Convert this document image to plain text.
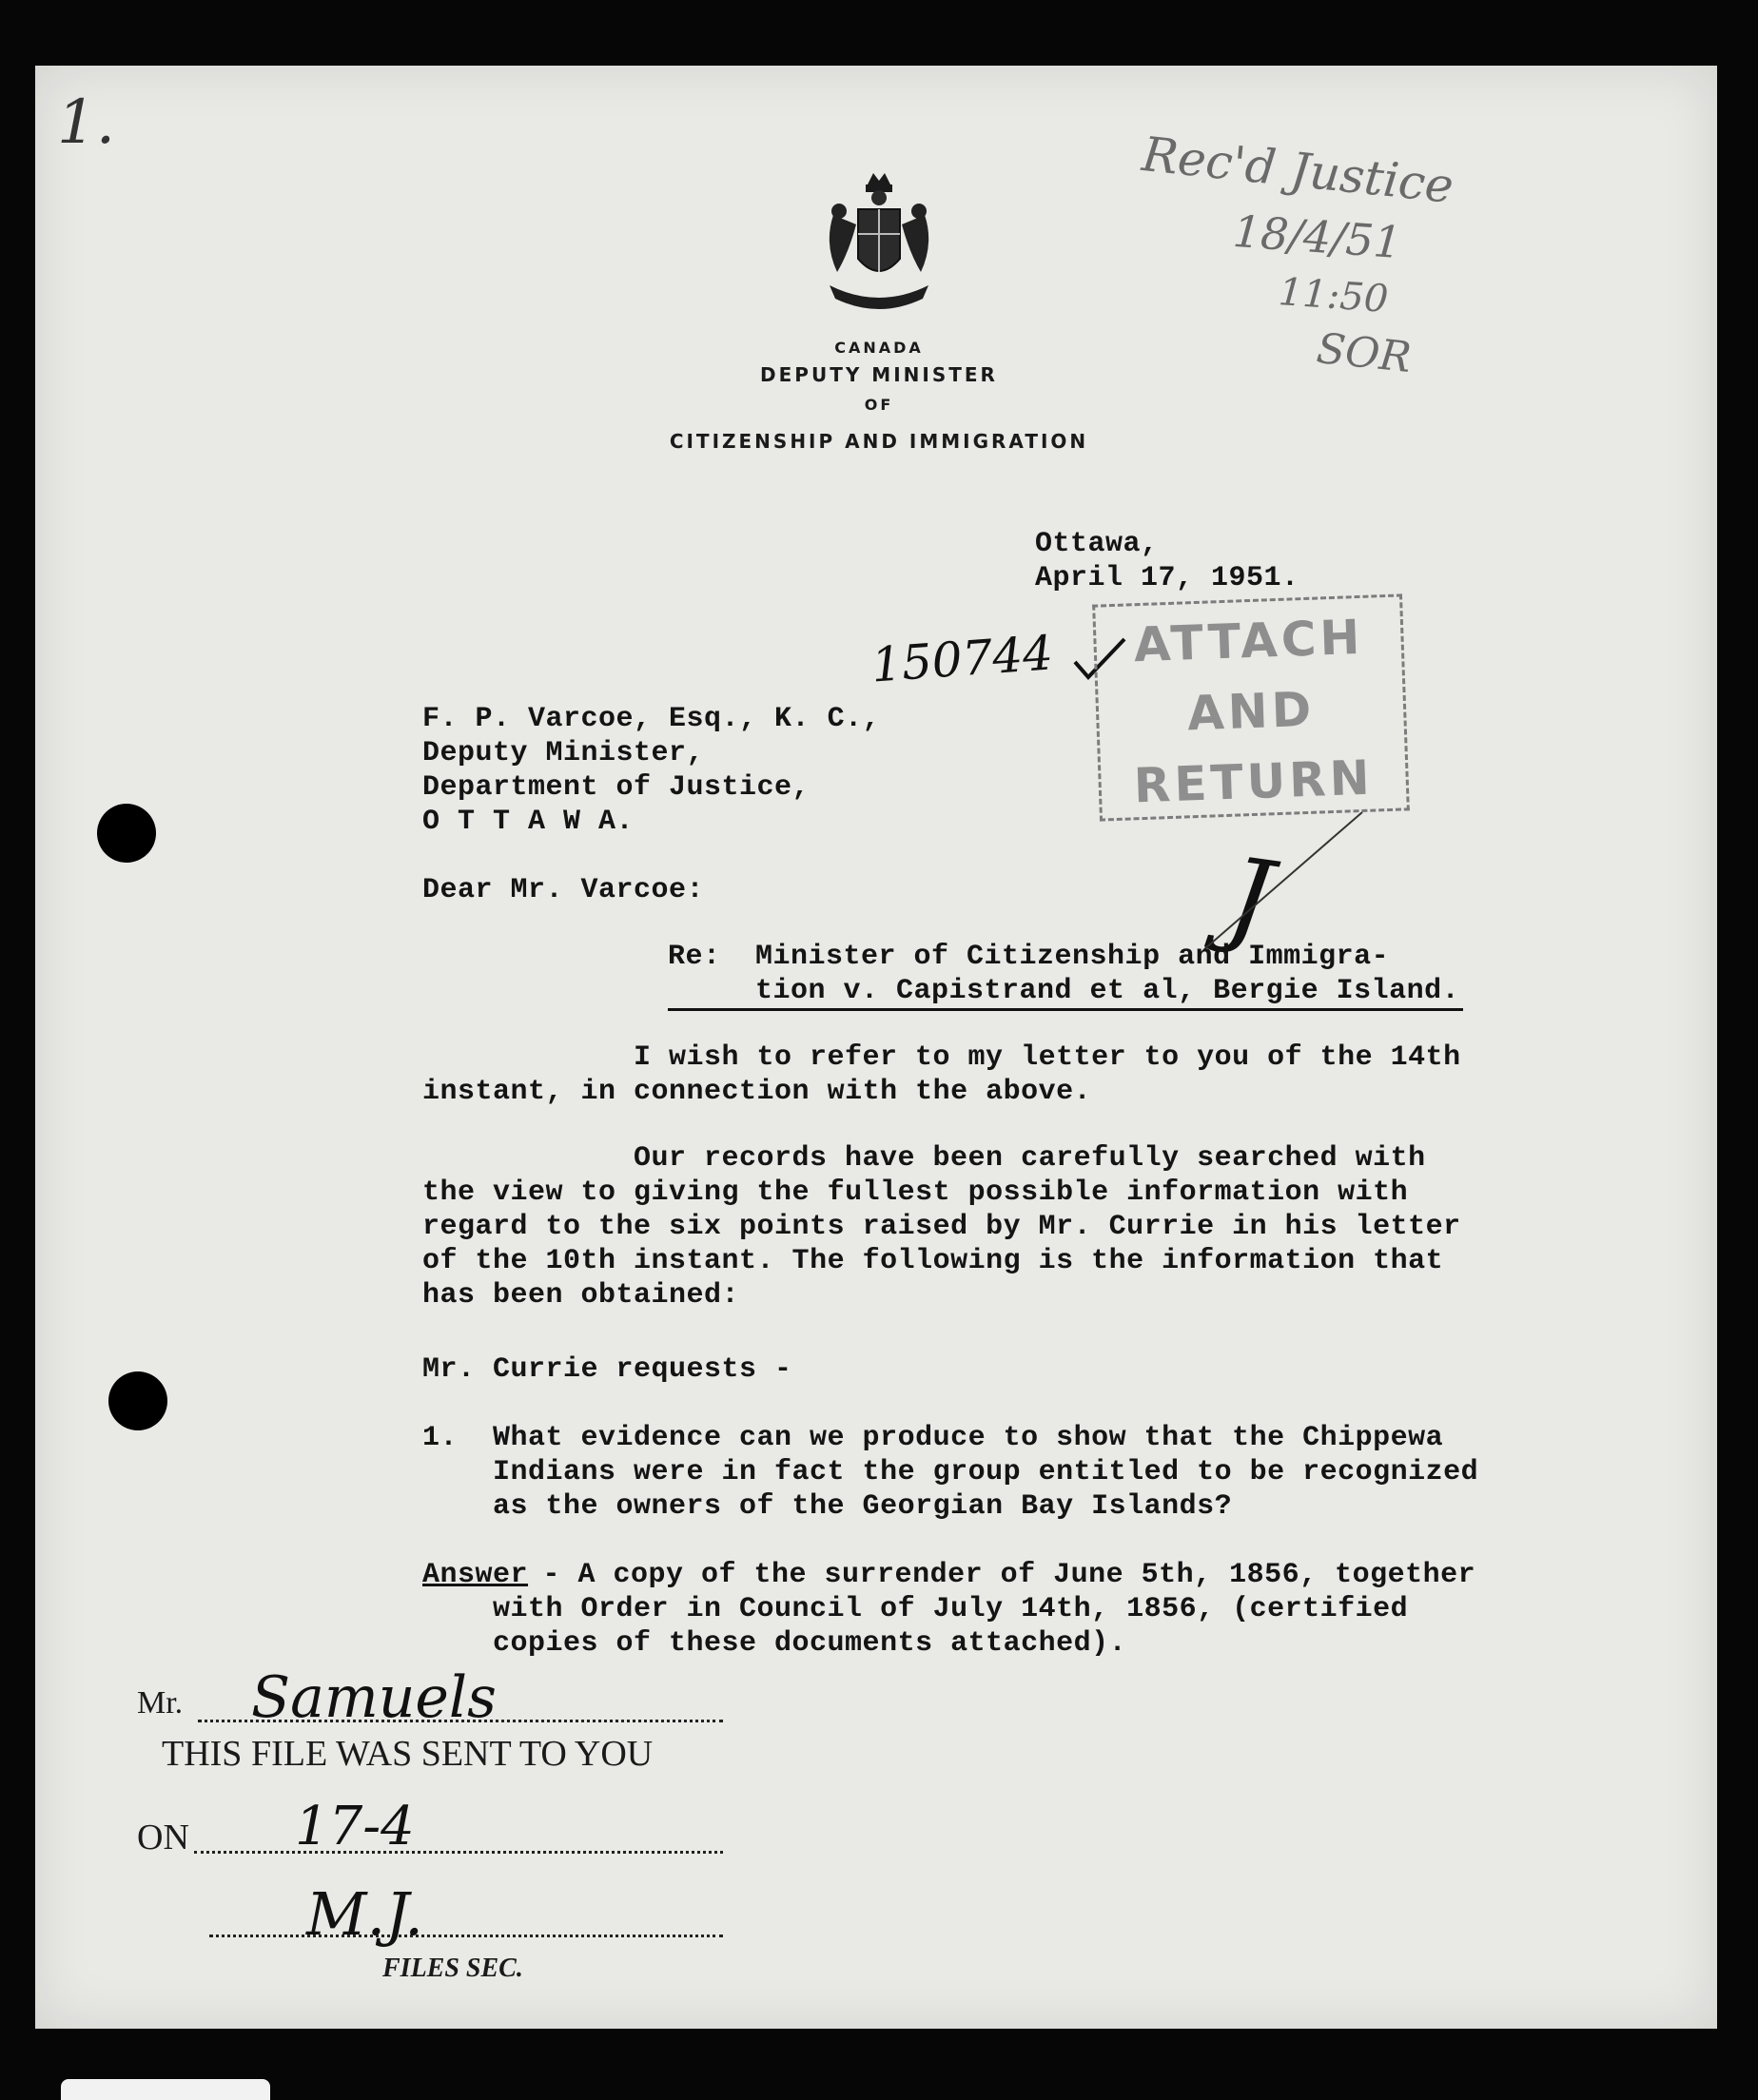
1.
CANADA
DEPUTY MINISTER
OF
CITIZENSHIP AND IMMIGRATION
Rec'd Justice
18/4/51
11:50
SOR
Ottawa,
April 17, 1951.
150744	ATTACH
AND
RETURN
F. P. Varcoe, Esq., K. C.,
Deputy Minister,
Department of Justice,
O T T A W A.
Dear Mr. Varcoe:	J
Re: Minister of Citizenship and Immigra-
tion v. Capistrand et al, Bergie Island.
I wish to refer to my letter to you of the 14th
instant, in connection with the above.
Our records have been carefully searched with
the view to giving the fullest possible information with
regard to the six points raised by Mr. Currie in his letter
of the 10th instant. The following is the information that
has been obtained:
Mr. Currie requests -
1. What evidence can we produce to show that the Chippewa
Indians were in fact the group entitled to be recognized
as the owners of the Georgian Bay Islands?
Answer
- A copy of the surrender of June 5th, 1856, together
with Order in Council of July 14th, 1856, (certified
copies of these documents attached).
Mr. Samuels
THIS FILE WAS SENT TO YOU
ON 17-4
M.J.
FILES SEC.
